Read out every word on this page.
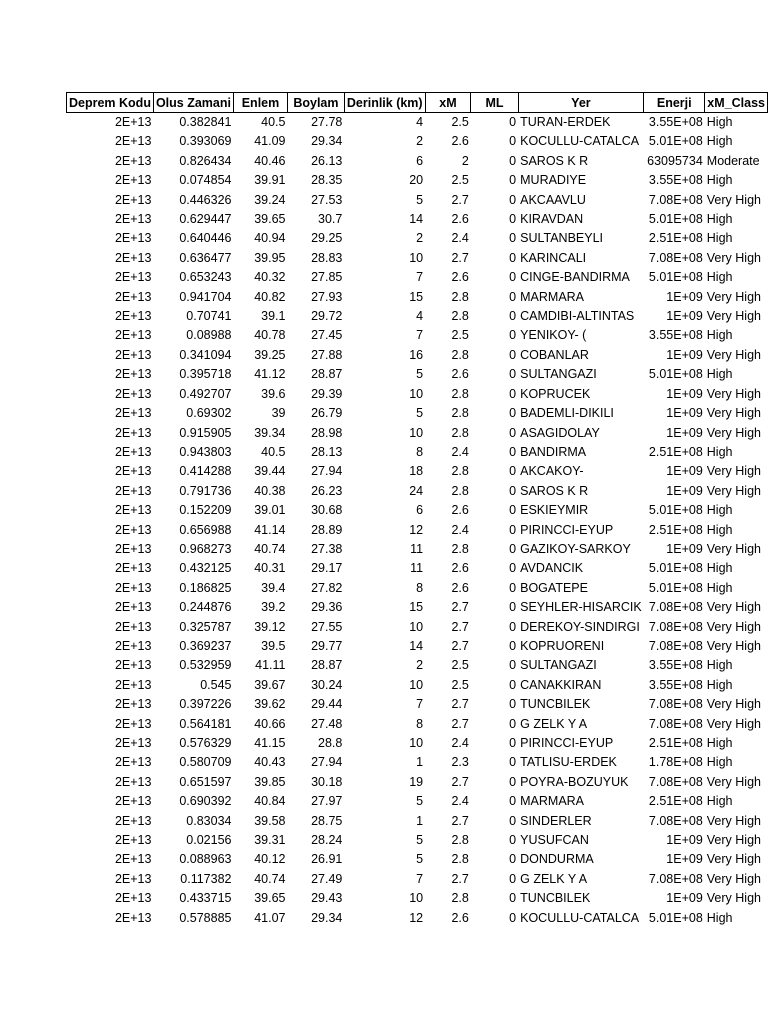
Deprem Kodu	Olus Zamani	Enlem	Boylam	Derinlik (km)	xM	ML	Yer	Enerji	xM_Class
2E+13	0.382841	40.5	27.78	4	2.5	0	TURAN-ERDEK	3.55E+08	High
2E+13	0.393069	41.09	29.34	2	2.6	0	KOCULLU-CATALCA	5.01E+08	High
2E+13	0.826434	40.46	26.13	6	2	0	SAROS K R	63095734	Moderate
2E+13	0.074854	39.91	28.35	20	2.5	0	MURADIYE	3.55E+08	High
2E+13	0.446326	39.24	27.53	5	2.7	0	AKCAAVLU	7.08E+08	Very High
2E+13	0.629447	39.65	30.7	14	2.6	0	KIRAVDAN	5.01E+08	High
2E+13	0.640446	40.94	29.25	2	2.4	0	SULTANBEYLI	2.51E+08	High
2E+13	0.636477	39.95	28.83	10	2.7	0	KARINCALI	7.08E+08	Very High
2E+13	0.653243	40.32	27.85	7	2.6	0	CINGE-BANDIRMA	5.01E+08	High
2E+13	0.941704	40.82	27.93	15	2.8	0	MARMARA	1E+09	Very High
2E+13	0.70741	39.1	29.72	4	2.8	0	CAMDIBI-ALTINTAS	1E+09	Very High
2E+13	0.08988	40.78	27.45	7	2.5	0	YENIKOY- (	3.55E+08	High
2E+13	0.341094	39.25	27.88	16	2.8	0	COBANLAR	1E+09	Very High
2E+13	0.395718	41.12	28.87	5	2.6	0	SULTANGAZI	5.01E+08	High
2E+13	0.492707	39.6	29.39	10	2.8	0	KOPRUCEK	1E+09	Very High
2E+13	0.69302	39	26.79	5	2.8	0	BADEMLI-DIKILI	1E+09	Very High
2E+13	0.915905	39.34	28.98	10	2.8	0	ASAGIDOLAY	1E+09	Very High
2E+13	0.943803	40.5	28.13	8	2.4	0	BANDIRMA	2.51E+08	High
2E+13	0.414288	39.44	27.94	18	2.8	0	AKCAKOY-	1E+09	Very High
2E+13	0.791736	40.38	26.23	24	2.8	0	SAROS K R	1E+09	Very High
2E+13	0.152209	39.01	30.68	6	2.6	0	ESKIEYMIR	5.01E+08	High
2E+13	0.656988	41.14	28.89	12	2.4	0	PIRINCCI-EYUP	2.51E+08	High
2E+13	0.968273	40.74	27.38	11	2.8	0	GAZIKOY-SARKOY	1E+09	Very High
2E+13	0.432125	40.31	29.17	11	2.6	0	AVDANCIK	5.01E+08	High
2E+13	0.186825	39.4	27.82	8	2.6	0	BOGATEPE	5.01E+08	High
2E+13	0.244876	39.2	29.36	15	2.7	0	SEYHLER-HISARCIK	7.08E+08	Very High
2E+13	0.325787	39.12	27.55	10	2.7	0	DEREKOY-SINDIRGI	7.08E+08	Very High
2E+13	0.369237	39.5	29.77	14	2.7	0	KOPRUORENI	7.08E+08	Very High
2E+13	0.532959	41.11	28.87	2	2.5	0	SULTANGAZI	3.55E+08	High
2E+13	0.545	39.67	30.24	10	2.5	0	CANAKKIRAN	3.55E+08	High
2E+13	0.397226	39.62	29.44	7	2.7	0	TUNCBILEK	7.08E+08	Very High
2E+13	0.564181	40.66	27.48	8	2.7	0	G ZELK Y A	7.08E+08	Very High
2E+13	0.576329	41.15	28.8	10	2.4	0	PIRINCCI-EYUP	2.51E+08	High
2E+13	0.580709	40.43	27.94	1	2.3	0	TATLISU-ERDEK	1.78E+08	High
2E+13	0.651597	39.85	30.18	19	2.7	0	POYRA-BOZUYUK	7.08E+08	Very High
2E+13	0.690392	40.84	27.97	5	2.4	0	MARMARA	2.51E+08	High
2E+13	0.83034	39.58	28.75	1	2.7	0	SINDERLER	7.08E+08	Very High
2E+13	0.02156	39.31	28.24	5	2.8	0	YUSUFCAN	1E+09	Very High
2E+13	0.088963	40.12	26.91	5	2.8	0	DONDURMA	1E+09	Very High
2E+13	0.117382	40.74	27.49	7	2.7	0	G ZELK Y A	7.08E+08	Very High
2E+13	0.433715	39.65	29.43	10	2.8	0	TUNCBILEK	1E+09	Very High
2E+13	0.578885	41.07	29.34	12	2.6	0	KOCULLU-CATALCA	5.01E+08	High
